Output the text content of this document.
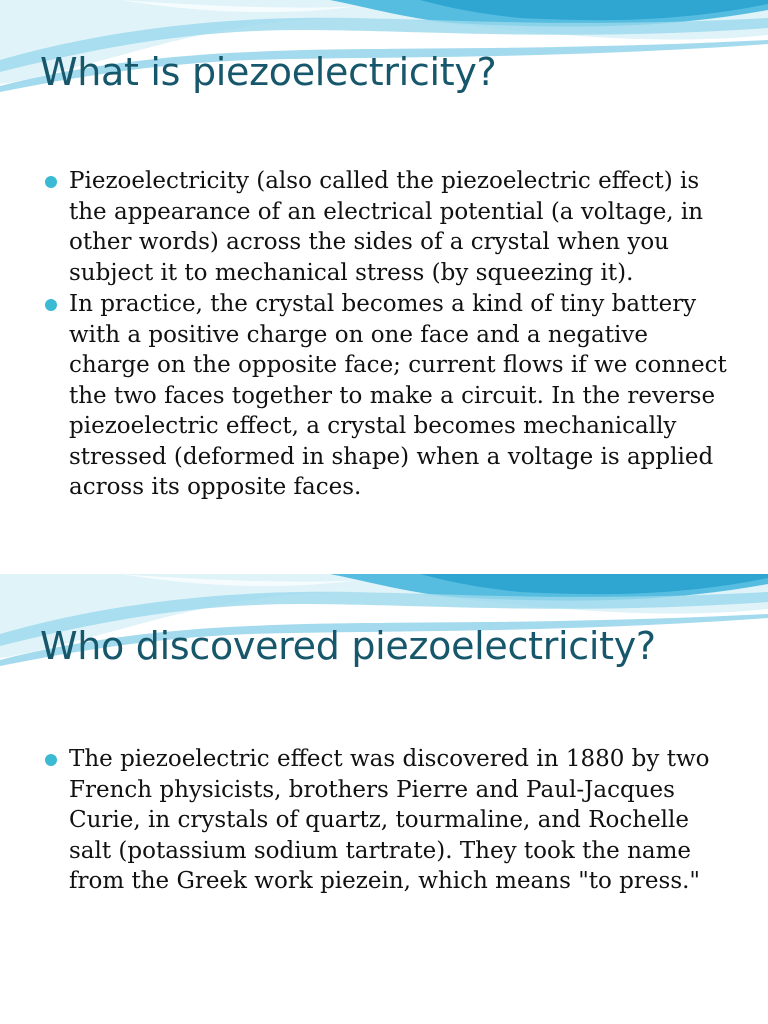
What is piezoelectricity?
Piezoelectricity (also called the piezoelectric effect) is the appearance of an electrical potential (a voltage, in other words) across the sides of a crystal when you subject it to mechanical stress (by squeezing it).
In practice, the crystal becomes a kind of tiny battery with a positive charge on one face and a negative charge on the opposite face; current flows if we connect the two faces together to make a circuit. In the reverse piezoelectric effect, a crystal becomes mechanically stressed (deformed in shape) when a voltage is applied across its opposite faces.
Who discovered piezoelectricity?
The piezoelectric effect was discovered in 1880 by two French physicists, brothers Pierre and Paul-Jacques Curie, in crystals of quartz, tourmaline, and Rochelle salt (potassium sodium tartrate). They took the name from the Greek work piezein, which means "to press."
